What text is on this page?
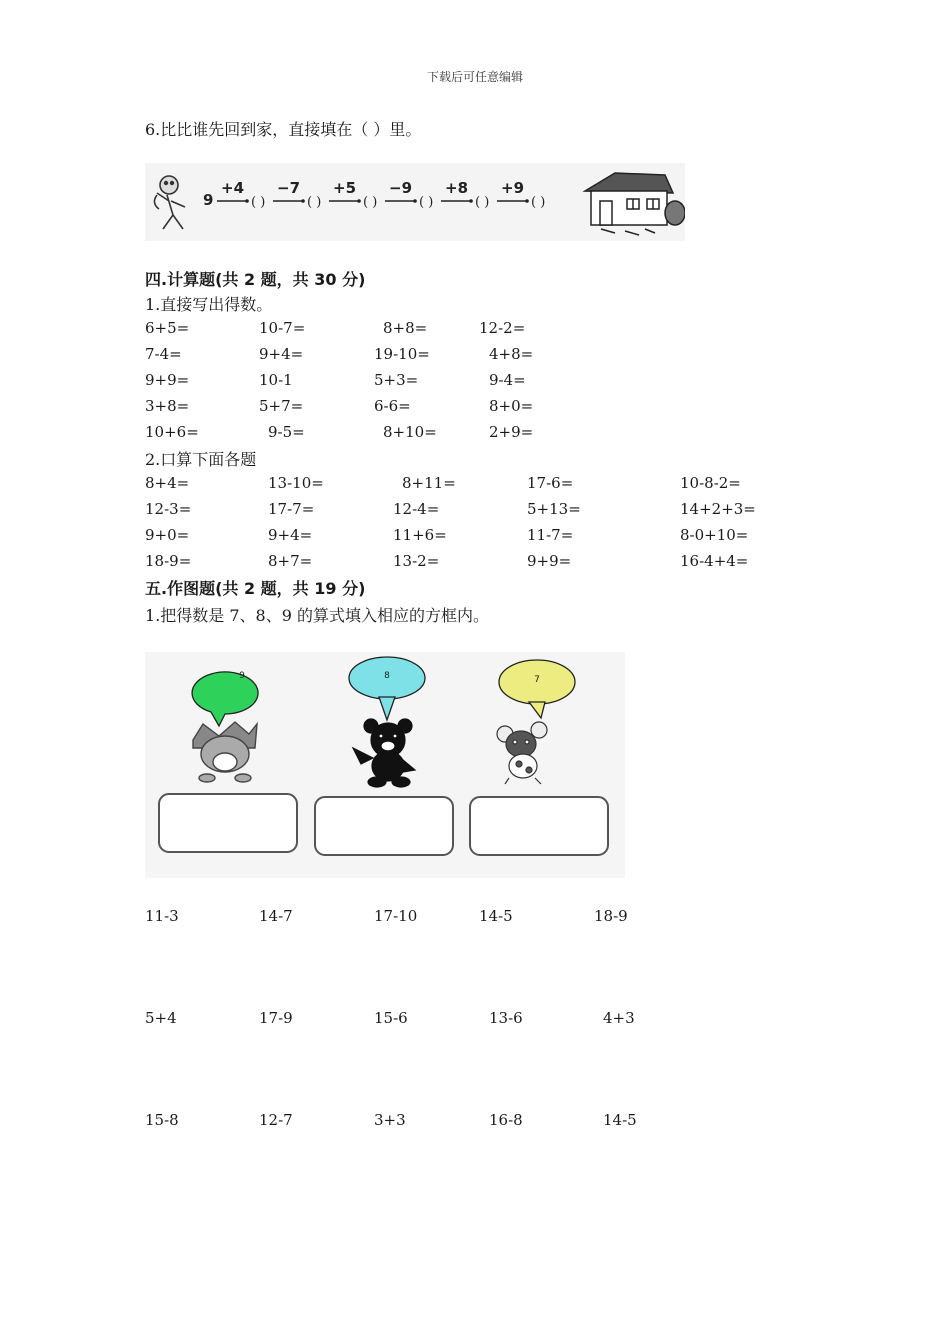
下载后可任意编辑
6.比比谁先回到家，直接填在（ ）里。
9
+4
( )
−7
( )
+5
( )
−9
( )
+8
( )
+9
( )
四.计算题(共 2 题，共 30 分)
1.直接写出得数。
6+5=	10-7=	8+8=	12-2=
7-4=	9+4=	19-10=	4+8=
9+9=	10-1	5+3=	9-4=
3+8=	5+7=	6-6=	8+0=
10+6=	9-5=	8+10=	2+9=
2.口算下面各题
8+4=	13-10=	8+11=	17-6=	10-8-2=
12-3=	17-7=	12-4=	5+13=	14+2+3=
9+0=	9+4=	11+6=	11-7=	8-0+10=
18-9=	8+7=	13-2=	9+9=	16-4+4=
五.作图题(共 2 题，共 19 分)
1.把得数是 7、8、9 的算式填入相应的方框内。
9	8	7
11-3	14-7	17-10	14-5	18-9
5+4	17-9	15-6	13-6	4+3
15-8	12-7	3+3	16-8	14-5
